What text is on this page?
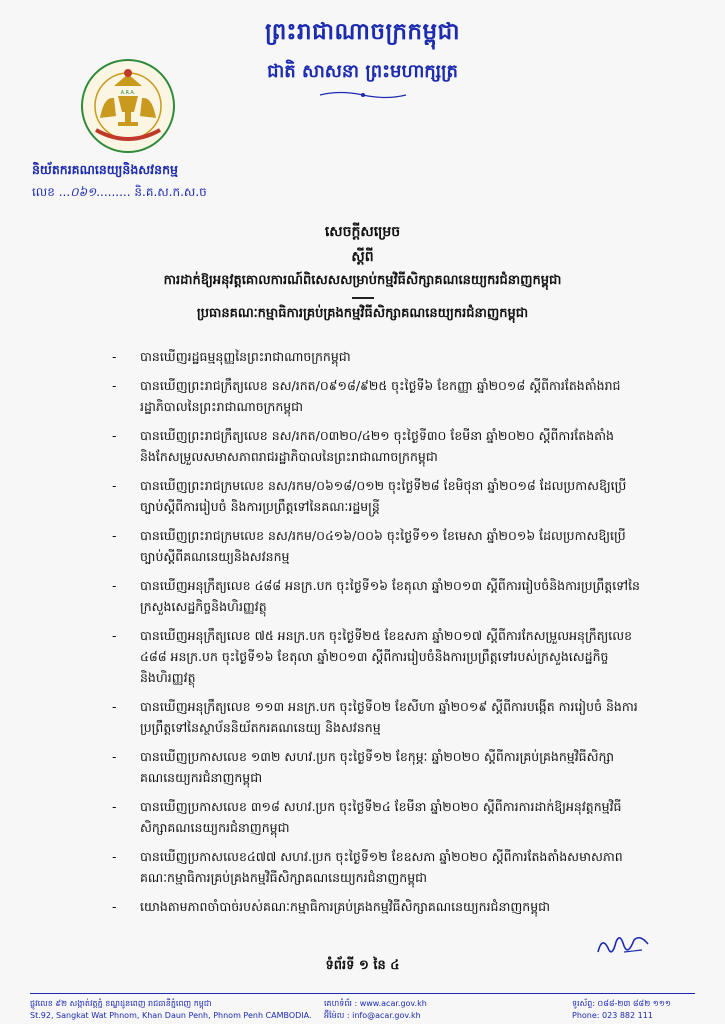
ព្រះរាជាណាចក្រកម្ពុជា
ជាតិ សាសនា ព្រះមហាក្សត្រ
A.R.A.
និយ័តករគណនេយ្យនិងសវនកម្ម
លេខ ...០៦១......... និ.គ.ស.ក.ស.ច
សេចក្តីសម្រេច
ស្តីពី
ការដាក់ឱ្យអនុវត្តគោលការណ៍ពិសេសសម្រាប់កម្មវិធីសិក្សាគណនេយ្យករជំនាញកម្ពុជា
ប្រធានគណៈកម្មាធិការគ្រប់គ្រងកម្មវិធីសិក្សាគណនេយ្យករជំនាញកម្ពុជា
-	បានឃើញរដ្ឋធម្មនុញ្ញនៃព្រះរាជាណាចក្រកម្ពុជា
-	បានឃើញព្រះរាជក្រឹត្យលេខ នស/រកត/០៩១៨/៩២៥ ចុះថ្ងៃទី៦ ខែកញ្ញា ឆ្នាំ២០១៨ ស្តីពីការតែងតាំងរាជរដ្ឋាភិបាលនៃព្រះរាជាណាចក្រកម្ពុជា
-	បានឃើញព្រះរាជក្រឹត្យលេខ នស/រកត/០៣២០/៤២១ ចុះថ្ងៃទី៣០ ខែមីនា ឆ្នាំ២០២០ ស្តីពីការតែងតាំង និងកែសម្រួលសមាសភាពរាជរដ្ឋាភិបាលនៃព្រះរាជាណាចក្រកម្ពុជា
-	បានឃើញព្រះរាជក្រមលេខ នស/រកម/០៦១៨/០១២ ចុះថ្ងៃទី២៨ ខែមិថុនា ឆ្នាំ២០១៨ ដែលប្រកាសឱ្យប្រើច្បាប់ស្តីពីការរៀបចំ និងការប្រព្រឹត្តទៅនៃគណៈរដ្ឋមន្ត្រី
-	បានឃើញព្រះរាជក្រមលេខ នស/រកម/០៤១៦/០០៦ ចុះថ្ងៃទី១១ ខែមេសា ឆ្នាំ២០១៦ ដែលប្រកាសឱ្យប្រើច្បាប់ស្តីពីគណនេយ្យនិងសវនកម្ម
-	បានឃើញអនុក្រឹត្យលេខ ៤៨៨ អនក្រ.បក ចុះថ្ងៃទី១៦ ខែតុលា ឆ្នាំ២០១៣ ស្តីពីការរៀបចំនិងការប្រព្រឹត្តទៅនៃក្រសួងសេដ្ឋកិច្ចនិងហិរញ្ញវត្ថុ
-	បានឃើញអនុក្រឹត្យលេខ ៧៥ អនក្រ.បក ចុះថ្ងៃទី២៥ ខែឧសភា ឆ្នាំ២០១៧ ស្តីពីការកែសម្រួលអនុក្រឹត្យលេខ ៤៨៨ អនក្រ.បក ចុះថ្ងៃទី១៦ ខែតុលា ឆ្នាំ២០១៣ ស្តីពីការរៀបចំនិងការប្រព្រឹត្តទៅរបស់ក្រសួងសេដ្ឋកិច្ចនិងហិរញ្ញវត្ថុ
-	បានឃើញអនុក្រឹត្យលេខ ១១៣ អនក្រ.បក ចុះថ្ងៃទី០២ ខែសីហា ឆ្នាំ២០១៩ ស្តីពីការបង្កើត ការរៀបចំ និងការប្រព្រឹត្តទៅនៃស្ថាប័ននិយ័តករគណនេយ្យ និងសវនកម្ម
-	បានឃើញប្រកាសលេខ ១៣២ សហវ.ប្រក ចុះថ្ងៃទី១២ ខែកុម្ភៈ ឆ្នាំ២០២០ ស្តីពីការគ្រប់គ្រងកម្មវិធីសិក្សាគណនេយ្យករជំនាញកម្ពុជា
-	បានឃើញប្រកាសលេខ ៣១៨ សហវ.ប្រក ចុះថ្ងៃទី២៤ ខែមីនា ឆ្នាំ២០២០ ស្តីពីការការដាក់ឱ្យអនុវត្តកម្មវិធីសិក្សាគណនេយ្យករជំនាញកម្ពុជា
-	បានឃើញប្រកាសលេខ៤៧៧ សហវ.ប្រក ចុះថ្ងៃទី១២ ខែឧសភា ឆ្នាំ២០២០ ស្តីពីការតែងតាំងសមាសភាពគណៈកម្មាធិការគ្រប់គ្រងកម្មវិធីសិក្សាគណនេយ្យករជំនាញកម្ពុជា
-	យោងតាមភាពចាំបាច់របស់គណៈកម្មាធិការគ្រប់គ្រងកម្មវិធីសិក្សាគណនេយ្យករជំនាញកម្ពុជា
ទំព័រទី ១ នៃ ៤
ផ្លូវលេខ ៩២ សង្កាត់វត្តភ្នំ ខណ្ឌដូនពេញ រាជធានីភ្នំពេញ កម្ពុជា
St.92, Sangkat Wat Phnom, Khan Daun Penh, Phnom Penh CAMBODIA.
គេហទំព័រ : www.acar.gov.kh
អ៊ីម៉ែល : info@acar.gov.kh
ទូរស័ព្ទ: ០៨៨-២៣ ៨៨២ ១១១
Phone: 023 882 111
